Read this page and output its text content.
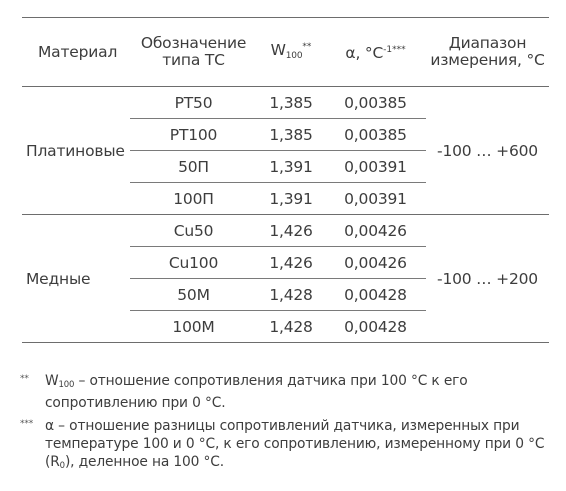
Материал	Обозначение типа ТС	$W_{100}^{**}$	α, $^\circ C^{-1***}$	Диапазон измерения, °C
Платиновые	PT50	1,385	0,00385	-100 … +600
	PT100	1,385	0,00385	
	50П	1,391	0,00391	
	100П	1,391	0,00391	
Медные	Cu50	1,426	0,00426	-100 … +200
	Cu100	1,426	0,00426	
	50М	1,428	0,00428	
	100М	1,428	0,00428	
** W100 – отношение сопротивления датчика при 100 °С к его сопротивлению при 0 °С.
*** α – отношение разницы сопротивлений датчика, измеренных при температуре 100 и 0 °С, к его сопротивлению, измеренному при 0 °С (R0), деленное на 100 °С.
